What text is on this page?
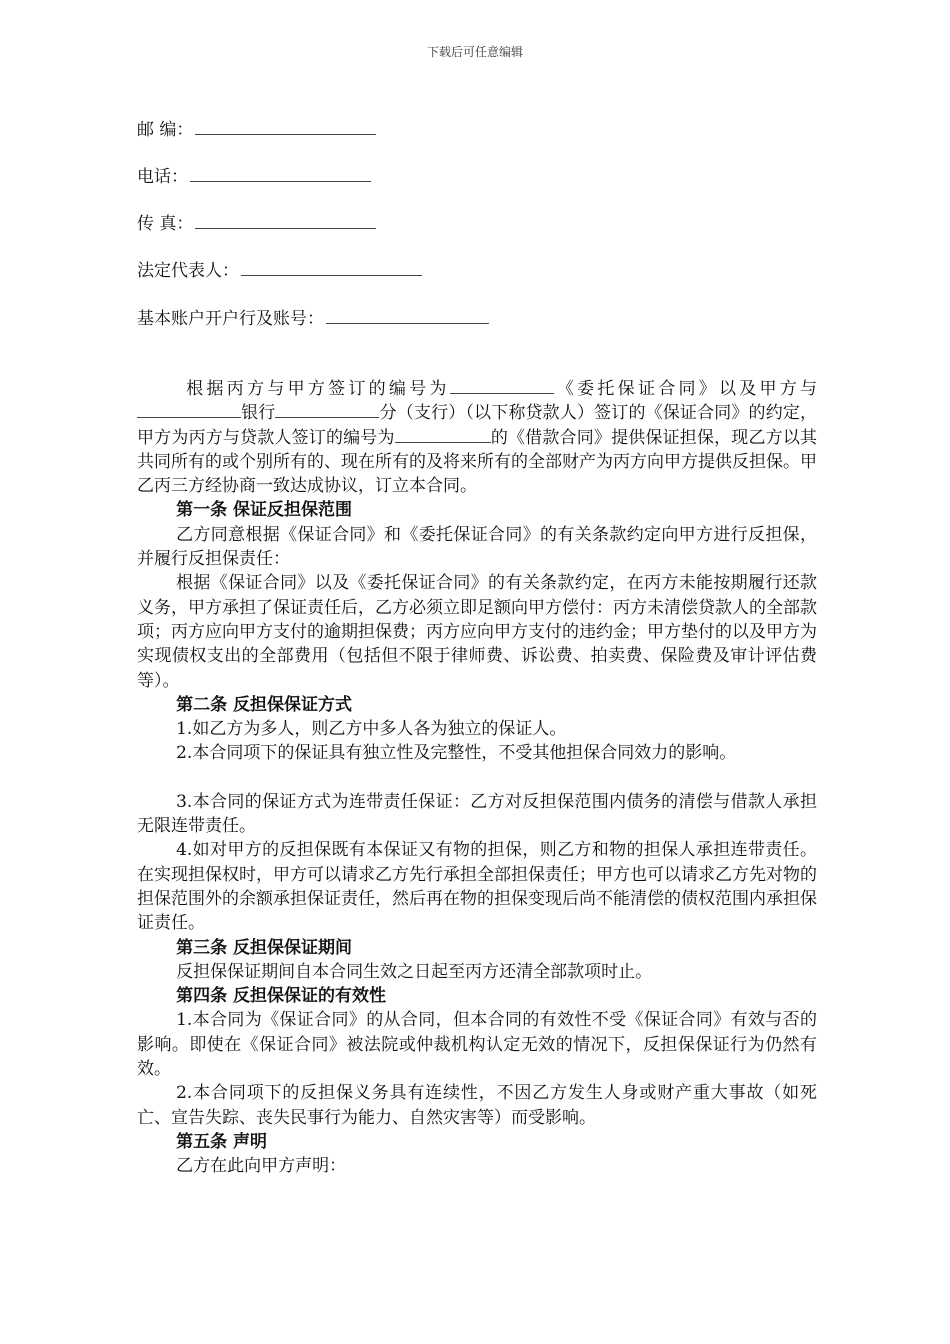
下载后可任意编辑
邮 编：
电话：
传 真：
法定代表人：
基本账户开户行及账号：

根据丙方与甲方签订的编号为	《委托保证合同》以及甲方与银行	分（支行）（以下称贷款人）签订的《保证合同》的约定，甲方为丙方与贷款人签订的编号为	的《借款合同》提供保证担保，现乙方以其共同所有的或个别所有的、现在所有的及将来所有的全部财产为丙方向甲方提供反担保。甲乙丙三方经协商一致达成协议，订立本合同。

第一条 保证反担保范围

乙方同意根据《保证合同》和《委托保证合同》的有关条款约定向甲方进行反担保，并履行反担保责任：

根据《保证合同》以及《委托保证合同》的有关条款约定，在丙方未能按期履行还款义务，甲方承担了保证责任后，乙方必须立即足额向甲方偿付：丙方未清偿贷款人的全部款项；丙方应向甲方支付的逾期担保费；丙方应向甲方支付的违约金；甲方垫付的以及甲方为实现债权支出的全部费用（包括但不限于律师费、诉讼费、拍卖费、保险费及审计评估费等）。

第二条 反担保保证方式

1.如乙方为多人，则乙方中多人各为独立的保证人。

2.本合同项下的保证具有独立性及完整性，不受其他担保合同效力的影响。

3.本合同的保证方式为连带责任保证：乙方对反担保范围内债务的清偿与借款人承担无限连带责任。

4.如对甲方的反担保既有本保证又有物的担保，则乙方和物的担保人承担连带责任。在实现担保权时，甲方可以请求乙方先行承担全部担保责任；甲方也可以请求乙方先对物的担保范围外的余额承担保证责任，然后再在物的担保变现后尚不能清偿的债权范围内承担保证责任。

第三条 反担保保证期间

反担保保证期间自本合同生效之日起至丙方还清全部款项时止。

第四条 反担保保证的有效性

1.本合同为《保证合同》的从合同，但本合同的有效性不受《保证合同》有效与否的影响。即使在《保证合同》被法院或仲裁机构认定无效的情况下，反担保保证行为仍然有效。

2.本合同项下的反担保义务具有连续性，不因乙方发生人身或财产重大事故（如死亡、宣告失踪、丧失民事行为能力、自然灾害等）而受影响。

第五条 声明

乙方在此向甲方声明：
